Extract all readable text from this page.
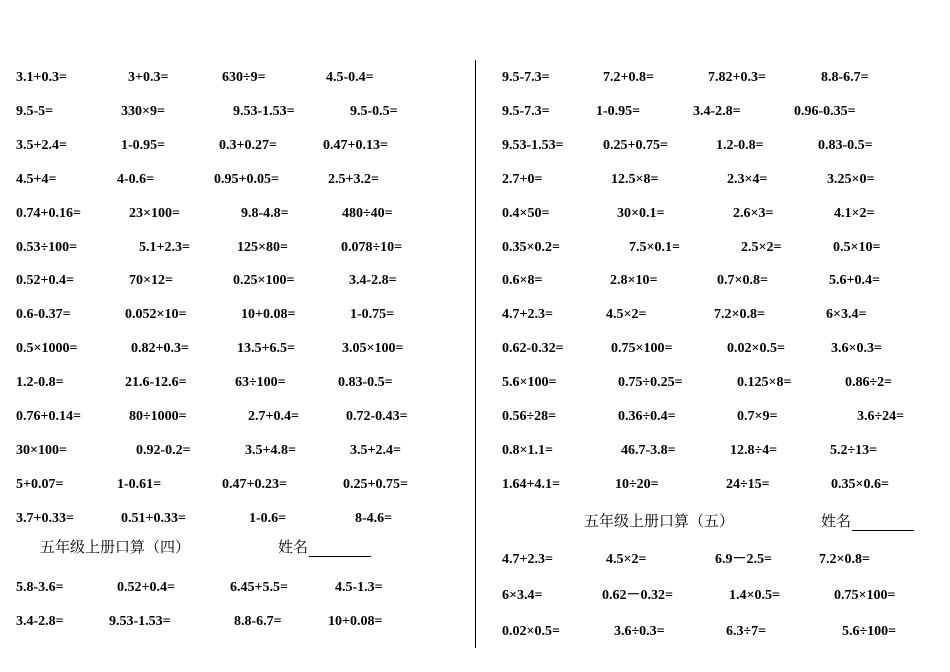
3.1+0.3=	3+0.3=	630÷9=	4.5-0.4=
9.5-5=	330×9=	9.53-1.53=	9.5-0.5=
3.5+2.4=	1-0.95=	0.3+0.27=	0.47+0.13=
4.5+4=	4-0.6=	0.95+0.05=	2.5+3.2=
0.74+0.16=	23×100=	9.8-4.8=	480÷40=
0.53÷100=	5.1+2.3=	125×80=	0.078÷10=
0.52+0.4=	70×12=	0.25×100=	3.4-2.8=
0.6-0.37=	0.052×10=	10+0.08=	1-0.75=
0.5×1000=	0.82+0.3=	13.5+6.5=	3.05×100=
1.2-0.8=	21.6-12.6=	63÷100=	0.83-0.5=
0.76+0.14=	80÷1000=	2.7+0.4=	0.72-0.43=
30×100=	0.92-0.2=	3.5+4.8=	3.5+2.4=
5+0.07=	1-0.61=	0.47+0.23=	0.25+0.75=
3.7+0.33=	0.51+0.33=	1-0.6=	8-4.6=
五年级上册口算（四）	姓名
5.8-3.6=	0.52+0.4=	6.45+5.5=	4.5-1.3=
3.4-2.8=	9.53-1.53=	8.8-6.7=	10+0.08=
9.5-7.3=	7.2+0.8=	7.82+0.3=	8.8-6.7=
9.5-7.3=	1-0.95=	3.4-2.8=	0.96-0.35=
9.53-1.53=	0.25+0.75=	1.2-0.8=	0.83-0.5=
2.7+0=	12.5×8=	2.3×4=	3.25×0=
0.4×50=	30×0.1=	2.6×3=	4.1×2=
0.35×0.2=	7.5×0.1=	2.5×2=	0.5×10=
0.6×8=	2.8×10=	0.7×0.8=	5.6+0.4=
4.7+2.3=	4.5×2=	7.2×0.8=	6×3.4=
0.62-0.32=	0.75×100=	0.02×0.5=	3.6×0.3=
5.6×100=	0.75÷0.25=	0.125×8=	0.86÷2=
0.56÷28=	0.36÷0.4=	0.7×9=	3.6÷24=
0.8×1.1=	46.7-3.8=	12.8÷4=	5.2÷13=
1.64+4.1=	10÷20=	24÷15=	0.35×0.6=
五年级上册口算（五）	姓名
4.7+2.3=	4.5×2=	6.9－2.5=	7.2×0.8=
6×3.4=	0.62－0.32=	1.4×0.5=	0.75×100=
0.02×0.5=	3.6÷0.3=	6.3÷7=	5.6÷100=
